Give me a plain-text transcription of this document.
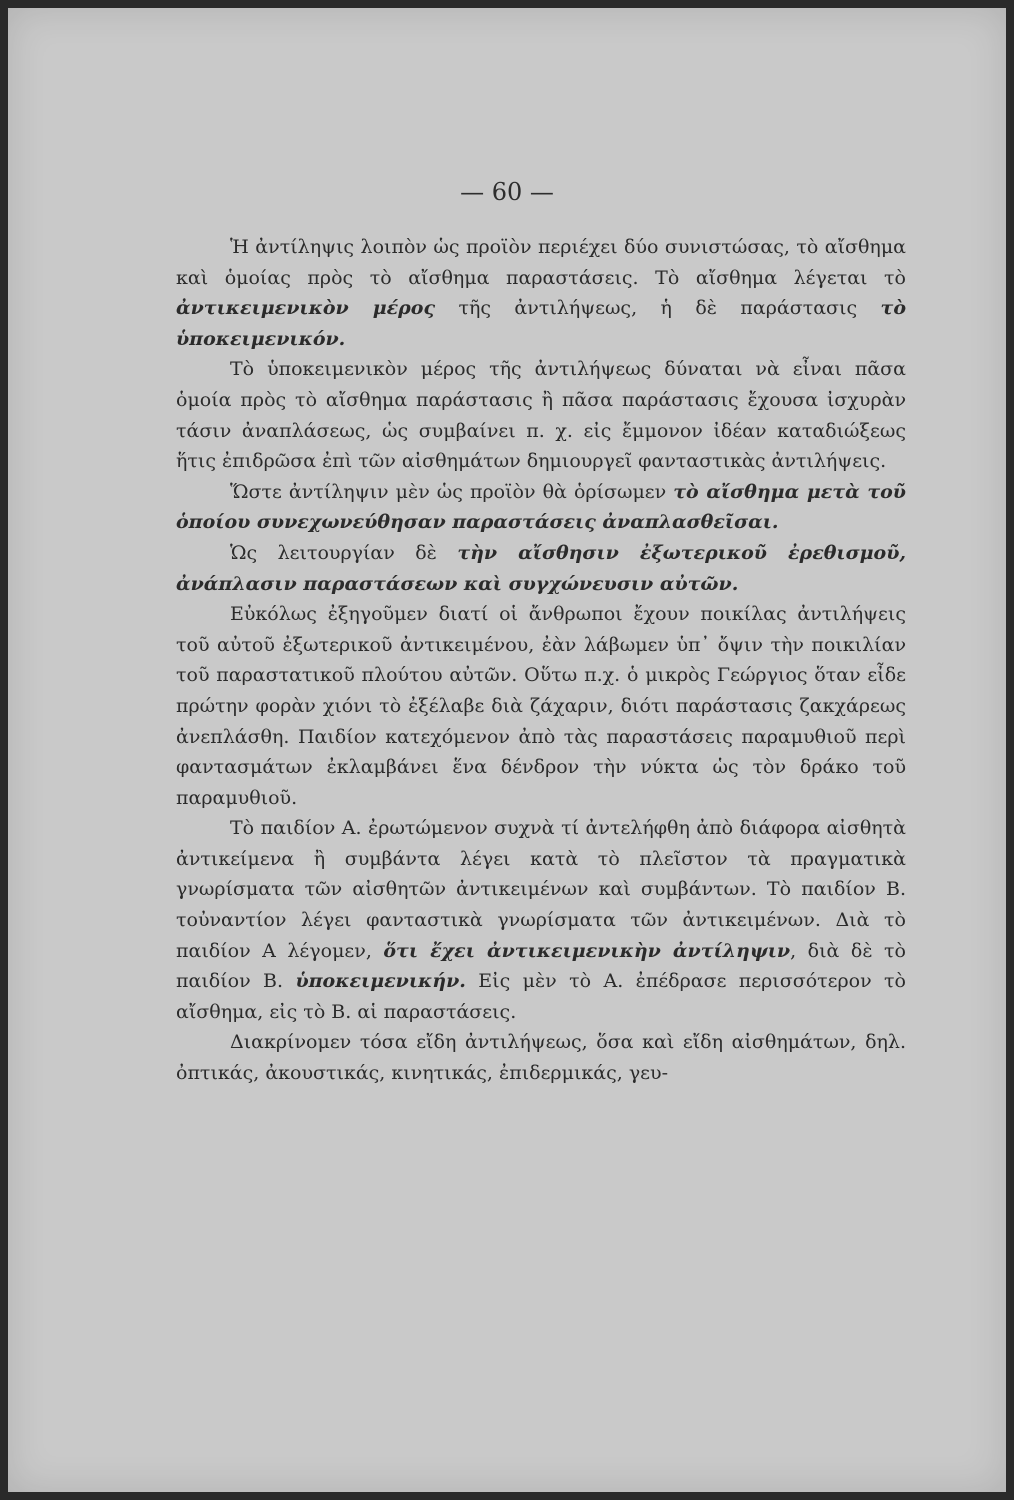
— 60 —

Ἡ ἀντίληψις λοιπὸν ὡς προϊὸν περιέχει δύο συνιστώσας, τὸ αἴσθημα καὶ ὁμοίας πρὸς τὸ αἴσθημα παραστάσεις. Τὸ αἴσθημα λέγεται τὸ ἀντικειμενικὸν μέρος τῆς ἀντιλήψεως, ἡ δὲ παράστασις τὸ ὑποκειμενικόν.

Τὸ ὑποκειμενικὸν μέρος τῆς ἀντιλήψεως δύναται νὰ εἶναι πᾶσα ὁμοία πρὸς τὸ αἴσθημα παράστασις ἢ πᾶσα παράστασις ἔχουσα ἰσχυρὰν τάσιν ἀναπλάσεως, ὡς συμβαίνει π. χ. εἰς ἔμμονον ἰδέαν καταδιώξεως ἥτις ἐπιδρῶσα ἐπὶ τῶν αἰσθημάτων δημιουργεῖ φανταστικὰς ἀντιλήψεις.

Ὥστε ἀντίληψιν μὲν ὡς προϊὸν θὰ ὁρίσωμεν τὸ αἴσθημα μετὰ τοῦ ὁποίου συνεχωνεύθησαν παραστάσεις ἀναπλασθεῖσαι.

Ὡς λειτουργίαν δὲ τὴν αἴσθησιν ἐξωτερικοῦ ἐρεθισμοῦ, ἀνάπλασιν παραστάσεων καὶ συγχώνευσιν αὐτῶν.

Εὐκόλως ἐξηγοῦμεν διατί οἱ ἄνθρωποι ἔχουν ποικίλας ἀντιλήψεις τοῦ αὐτοῦ ἐξωτερικοῦ ἀντικειμένου, ἐὰν λάβωμεν ὑπ᾿ ὄψιν τὴν ποικιλίαν τοῦ παραστατικοῦ πλούτου αὐτῶν. Οὕτω π.χ. ὁ μικρὸς Γεώργιος ὅταν εἶδε πρώτην φορὰν χιόνι τὸ ἐξέλαβε διὰ ζάχαριν, διότι παράστασις ζακχάρεως ἀνεπλάσθη. Παιδίον κατεχόμενον ἀπὸ τὰς παραστάσεις παραμυθιοῦ περὶ φαντασμάτων ἐκλαμβάνει ἕνα δένδρον τὴν νύκτα ὡς τὸν δράκο τοῦ παραμυθιοῦ.

Τὸ παιδίον Α. ἐρωτώμενον συχνὰ τί ἀντελήφθη ἀπὸ διάφορα αἰσθητὰ ἀντικείμενα ἢ συμβάντα λέγει κατὰ τὸ πλεῖστον τὰ πραγματικὰ γνωρίσματα τῶν αἰσθητῶν ἀντικειμένων καὶ συμβάντων. Τὸ παιδίον Β. τοὐναντίον λέγει φανταστικὰ γνωρίσματα τῶν ἀντικειμένων. Διὰ τὸ παιδίον Α λέγομεν, ὅτι ἔχει ἀντικειμενικὴν ἀντίληψιν, διὰ δὲ τὸ παιδίον Β. ὑποκειμενικήν. Εἰς μὲν τὸ Α. ἐπέδρασε περισσότερον τὸ αἴσθημα, εἰς τὸ Β. αἱ παραστάσεις.

Διακρίνομεν τόσα εἴδη ἀντιλήψεως, ὅσα καὶ εἴδη αἰσθημάτων, δηλ. ὀπτικάς, ἀκουστικάς, κινητικάς, ἐπιδερμικάς, γευ-
